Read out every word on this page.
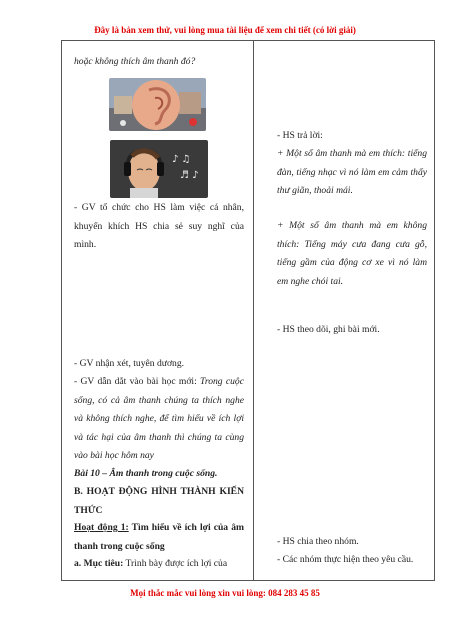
Đây là bản xem thử, vui lòng mua tài liệu để xem chi tiết (có lời giải)

hoặc không thích âm thanh đó?

♪ ♫
♬ ♪

- GV tổ chức cho HS làm việc cá nhân, khuyến khích HS chia sẻ suy nghĩ của mình.

- GV nhận xét, tuyên dương.

- GV dẫn dắt vào bài học mới: Trong cuộc sống, có cả âm thanh chúng ta thích nghe và không thích nghe, để tìm hiểu về ích lợi và tác hại của âm thanh thì chúng ta cùng vào bài học hôm nay

Bài 10 – Âm thanh trong cuộc sống.

B. HOẠT ĐỘNG HÌNH THÀNH KIẾN THỨC

Hoạt động 1: Tìm hiểu về ích lợi của âm thanh trong cuộc sống

a. Mục tiêu: Trình bày được ích lợi của

- HS trả lời:

+ Một số âm thanh mà em thích: tiếng đàn, tiếng nhạc vì nó làm em cảm thấy thư giãn, thoải mái.

+ Một số âm thanh mà em không thích: Tiếng máy cưa đang cưa gỗ, tiếng gầm của động cơ xe vì nó làm em nghe chói tai.

- HS theo dõi, ghi bài mới.

- HS chia theo nhóm.

- Các nhóm thực hiện theo yêu cầu.

Mọi thắc mắc vui lòng xin vui lòng: 084 283 45 85
